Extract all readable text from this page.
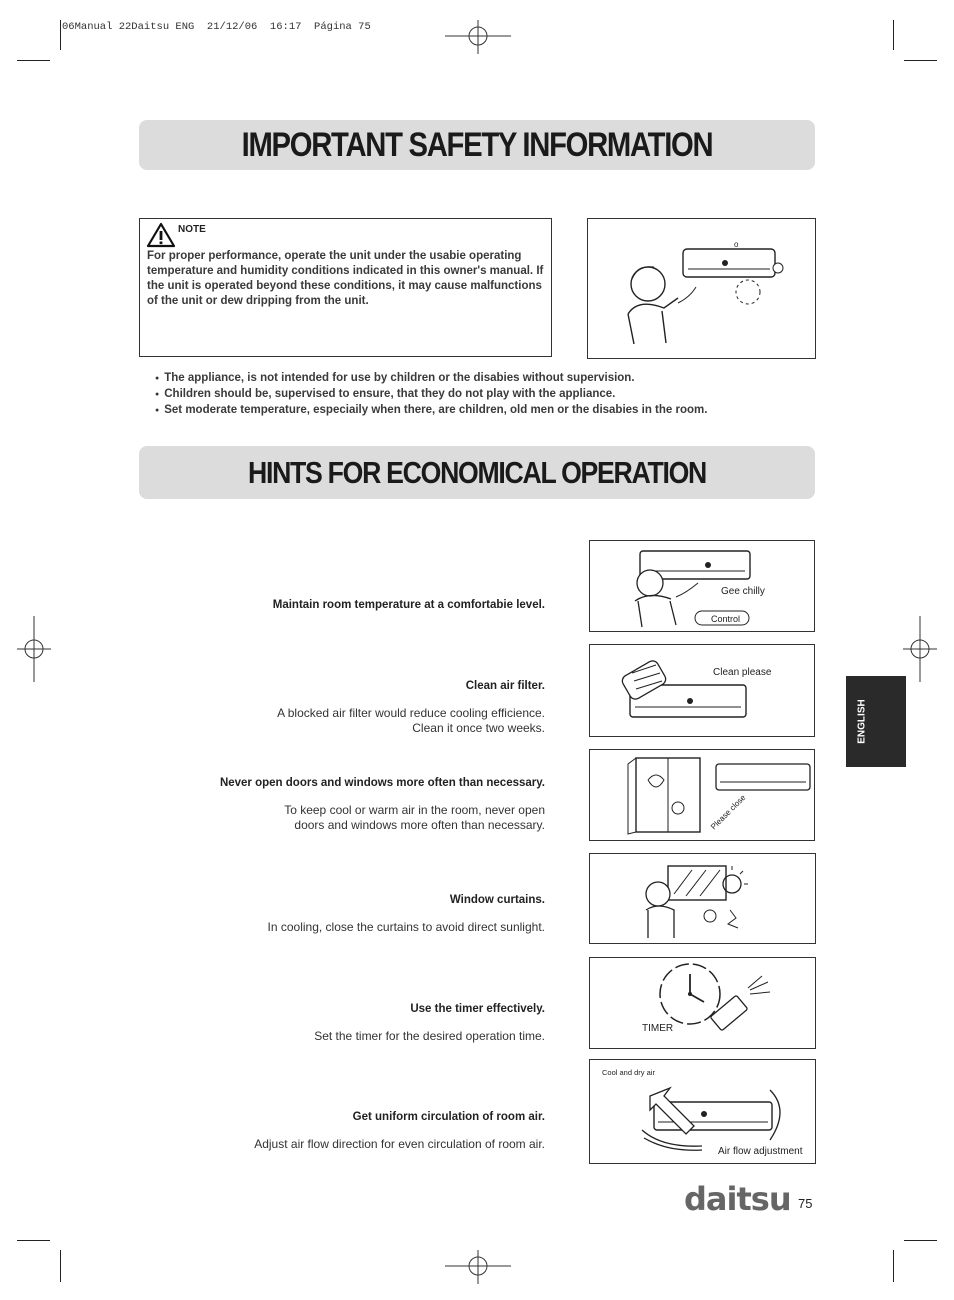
06Manual 22Daitsu ENG  21/12/06  16:17  Página 75
IMPORTANT SAFETY INFORMATION
NOTE
For proper performance, operate the unit under the usabie operating temperature and humidity conditions indicated in this owner's manual. If the unit is operated beyond these conditions, it may cause malfunctions of the unit or dew dripping from the unit.
o
● The appliance, is not intended for use by children or the disabies without supervision.
● Children should be, supervised to ensure, that they do not play with the appliance.
● Set moderate temperature, especiaily when there, are children, old men or the disabies in the room.
HINTS FOR ECONOMICAL OPERATION
Maintain room temperature at a comfortabie level.
Gee chilly
Control
Clean air filter.
A blocked air filter would reduce cooling efficience.
Clean it once two weeks.
Clean please
Never open doors and windows more often than necessary.
To keep cool or warm air in the room, never open
doors and windows more often than necessary.	Please close
Window curtains.
In cooling, close the curtains to avoid direct sunlight.
Use the timer effectively.
Set the timer for the desired operation time.
TIMER
Get uniform circulation of room air.
Adjust air flow direction for even circulation of room air.
Cool and dry air
Air flow adjustment
ENGLISH
daitsu 75
